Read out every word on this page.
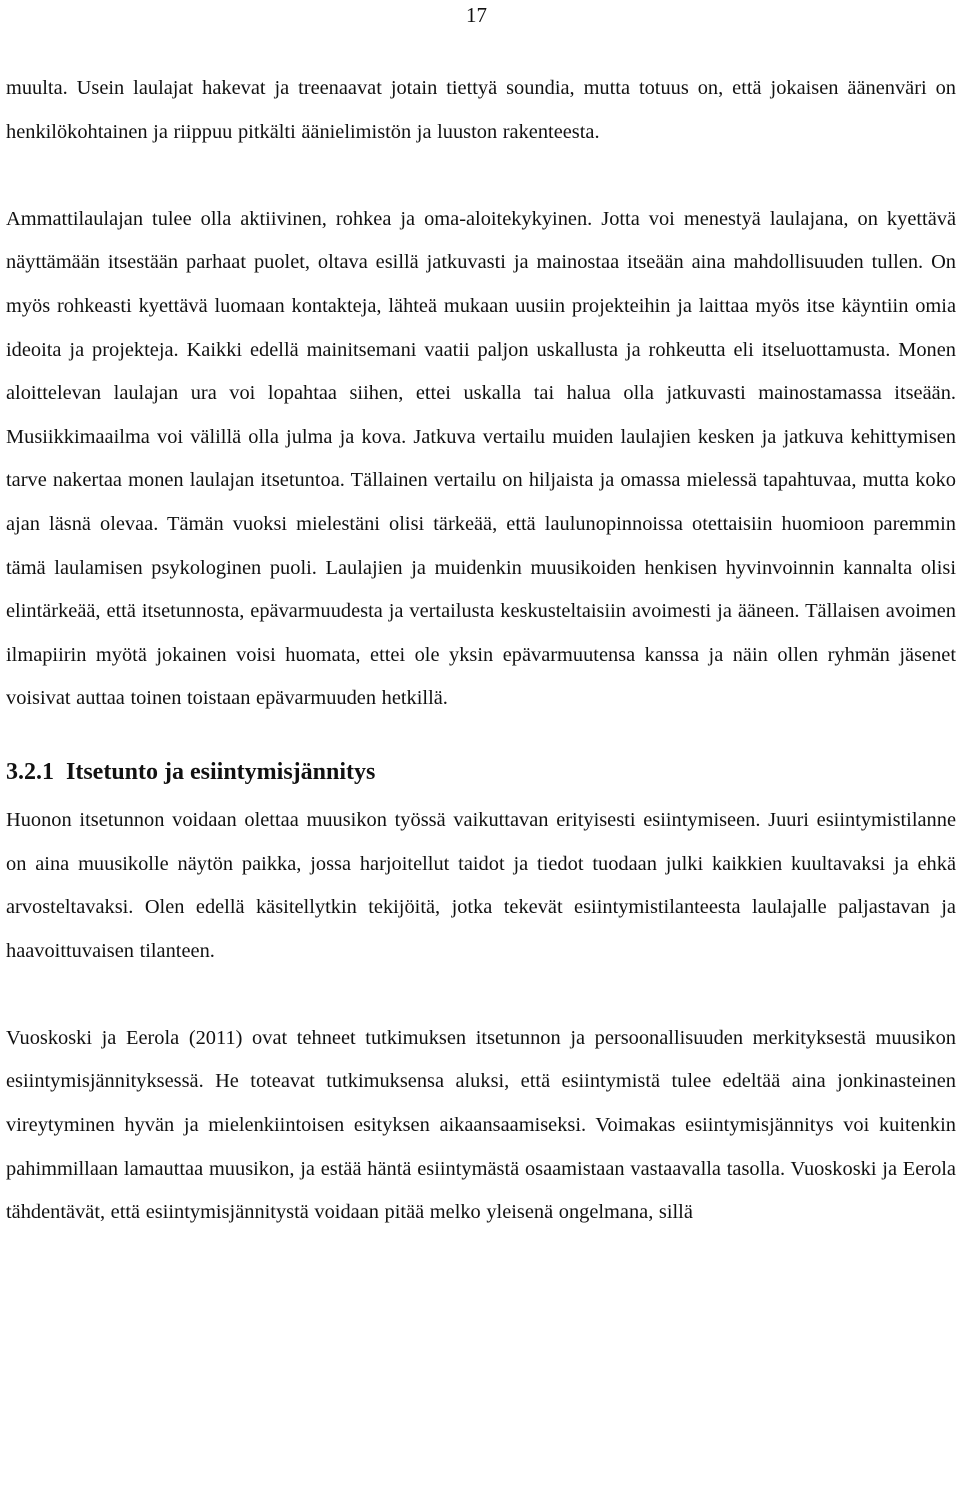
17

muulta. Usein laulajat hakevat ja treenaavat jotain tiettyä soundia, mutta totuus on, että jokaisen äänenväri on henkilökohtainen ja riippuu pitkälti äänielimistön ja luuston rakenteesta.

Ammattilaulajan tulee olla aktiivinen, rohkea ja oma-aloitekykyinen. Jotta voi menestyä laulajana, on kyettävä näyttämään itsestään parhaat puolet, oltava esillä jatkuvasti ja mainostaa itseään aina mahdollisuuden tullen. On myös rohkeasti kyettävä luomaan kontakteja, lähteä mukaan uusiin projekteihin ja laittaa myös itse käyntiin omia ideoita ja projekteja. Kaikki edellä mainitsemani vaatii paljon uskallusta ja rohkeutta eli itseluottamusta. Monen aloittelevan laulajan ura voi lopahtaa siihen, ettei uskalla tai halua olla jatkuvasti mainostamassa itseään. Musiikkimaailma voi välillä olla julma ja kova. Jatkuva vertailu muiden laulajien kesken ja jatkuva kehittymisen tarve nakertaa monen laulajan itsetuntoa. Tällainen vertailu on hiljaista ja omassa mielessä tapahtuvaa, mutta koko ajan läsnä olevaa. Tämän vuoksi mielestäni olisi tärkeää, että laulunopinnoissa otettaisiin huomioon paremmin tämä laulamisen psykologinen puoli. Laulajien ja muidenkin muusikoiden henkisen hyvinvoinnin kannalta olisi elintärkeää, että itsetunnosta, epävarmuudesta ja vertailusta keskusteltaisiin avoimesti ja ääneen. Tällaisen avoimen ilmapiirin myötä jokainen voisi huomata, ettei ole yksin epävarmuutensa kanssa ja näin ollen ryhmän jäsenet voisivat auttaa toinen toistaan epävarmuuden hetkillä.

3.2.1 Itsetunto ja esiintymisjännitys

Huonon itsetunnon voidaan olettaa muusikon työssä vaikuttavan erityisesti esiintymiseen. Juuri esiintymistilanne on aina muusikolle näytön paikka, jossa harjoitellut taidot ja tiedot tuodaan julki kaikkien kuultavaksi ja ehkä arvosteltavaksi. Olen edellä käsitellytkin tekijöitä, jotka tekevät esiintymistilanteesta laulajalle paljastavan ja haavoittuvaisen tilanteen.

Vuoskoski ja Eerola (2011) ovat tehneet tutkimuksen itsetunnon ja persoonallisuuden merkityksestä muusikon esiintymisjännityksessä. He toteavat tutkimuksensa aluksi, että esiintymistä tulee edeltää aina jonkinasteinen vireytyminen hyvän ja mielenkiintoisen esityksen aikaansaamiseksi. Voimakas esiintymisjännitys voi kuitenkin pahimmillaan lamauttaa muusikon, ja estää häntä esiintymästä osaamistaan vastaavalla tasolla. Vuoskoski ja Eerola tähdentävät, että esiintymisjännitystä voidaan pitää melko yleisenä ongelmana, sillä
